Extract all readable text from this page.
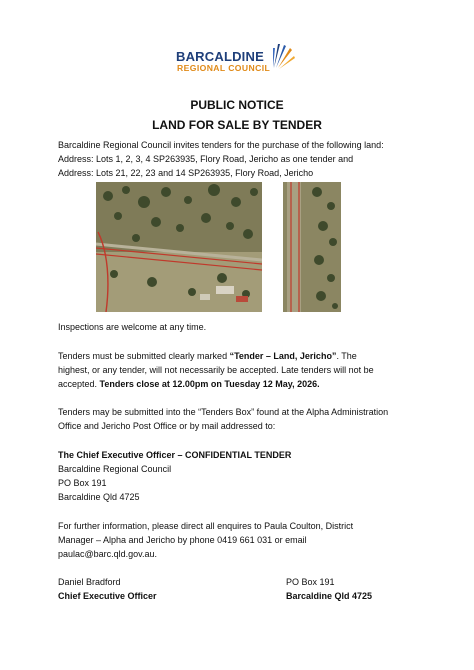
BARCALDINE
REGIONAL COUNCIL
PUBLIC NOTICE
LAND FOR SALE BY TENDER
Barcaldine Regional Council invites tenders for the purchase of the following land:
Address: Lots 1, 2, 3, 4 SP263935, Flory Road, Jericho as one tender and
Address: Lots 21, 22, 23 and 14 SP263935, Flory Road, Jericho
Inspections are welcome at any time.
Tenders must be submitted clearly marked “Tender – Land, Jericho”. The
highest, or any tender, will not necessarily be accepted. Late tenders will not be
accepted. Tenders close at 12.00pm on Tuesday 12 May, 2026.
Tenders may be submitted into the “Tenders Box” found at the Alpha Administration
Office and Jericho Post Office or by mail addressed to:
The Chief Executive Officer – CONFIDENTIAL TENDER
Barcaldine Regional Council
PO Box 191
Barcaldine Qld 4725
For further information, please direct all enquires to Paula Coulton, District
Manager – Alpha and Jericho by phone 0419 661 031 or email
paulac@barc.qld.gov.au.
Daniel Bradford
Chief Executive Officer
PO Box 191
Barcaldine Qld 4725
